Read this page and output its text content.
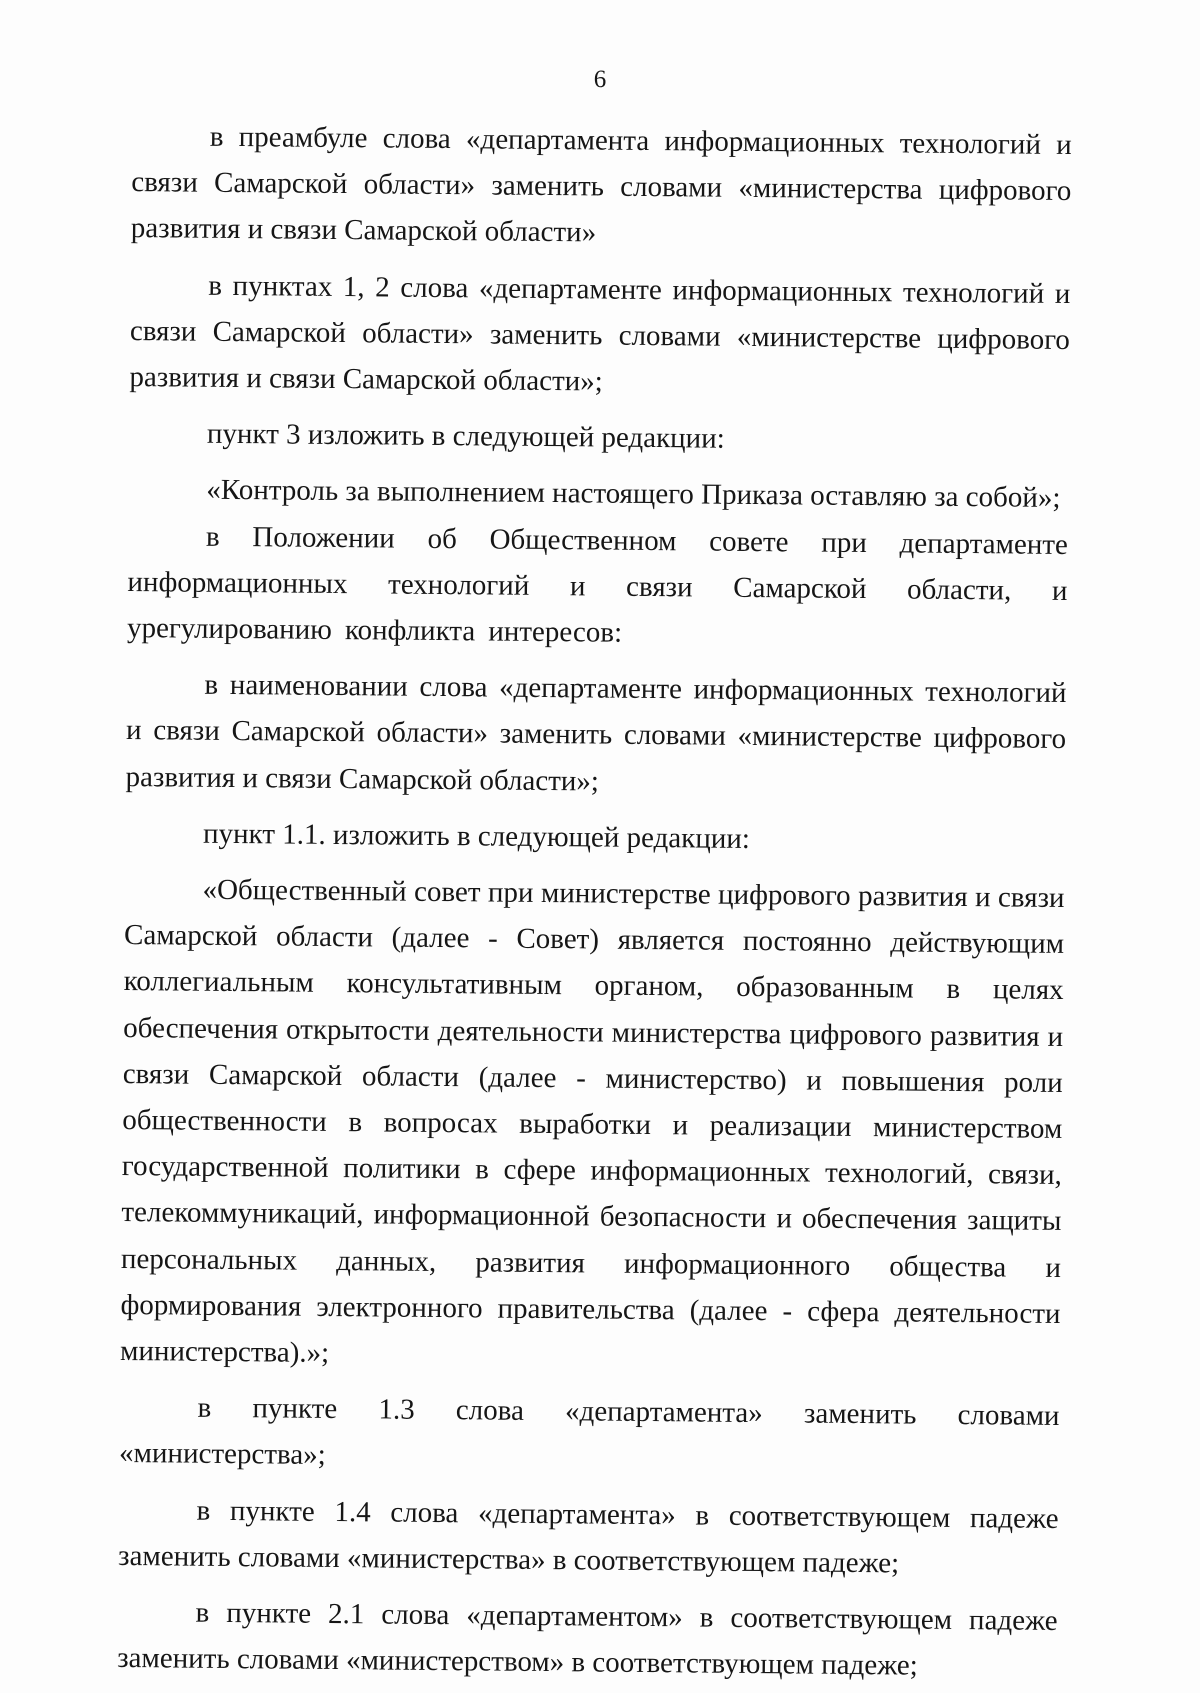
6

в преамбуле слова «департамента информационных технологий и связи Самарской области» заменить словами «министерства цифрового развития и связи Самарской области»

в пунктах 1, 2 слова «департаменте информационных технологий и связи Самарской области» заменить словами «министерстве цифрового развития и связи Самарской области»;

пункт 3 изложить в следующей редакции:

«Контроль за выполнением настоящего Приказа оставляю за собой»;

в Положении об Общественном совете при департаменте информационных технологий и связи Самарской области, и урегулированию конфликта интересов:

в наименовании слова «департаменте информационных технологий и связи Самарской области» заменить словами «министерстве цифрового развития и связи Самарской области»;

пункт 1.1. изложить в следующей редакции:

«Общественный совет при министерстве цифрового развития и связи Самарской области (далее - Совет) является постоянно действующим коллегиальным консультативным органом, образованным в целях обеспечения открытости деятельности министерства цифрового развития и связи Самарской области (далее - министерство) и повышения роли общественности в вопросах выработки и реализации министерством государственной политики в сфере информационных технологий, связи, телекоммуникаций, информационной безопасности и обеспечения защиты персональных данных, развития информационного общества и формирования электронного правительства (далее - сфера деятельности министерства).»;

в пункте 1.3 слова «департамента» заменить словами «министерства»;

в пункте 1.4 слова «департамента» в соответствующем падеже заменить словами «министерства» в соответствующем падеже;

в пункте 2.1 слова «департаментом» в соответствующем падеже заменить словами «министерством» в соответствующем падеже;
